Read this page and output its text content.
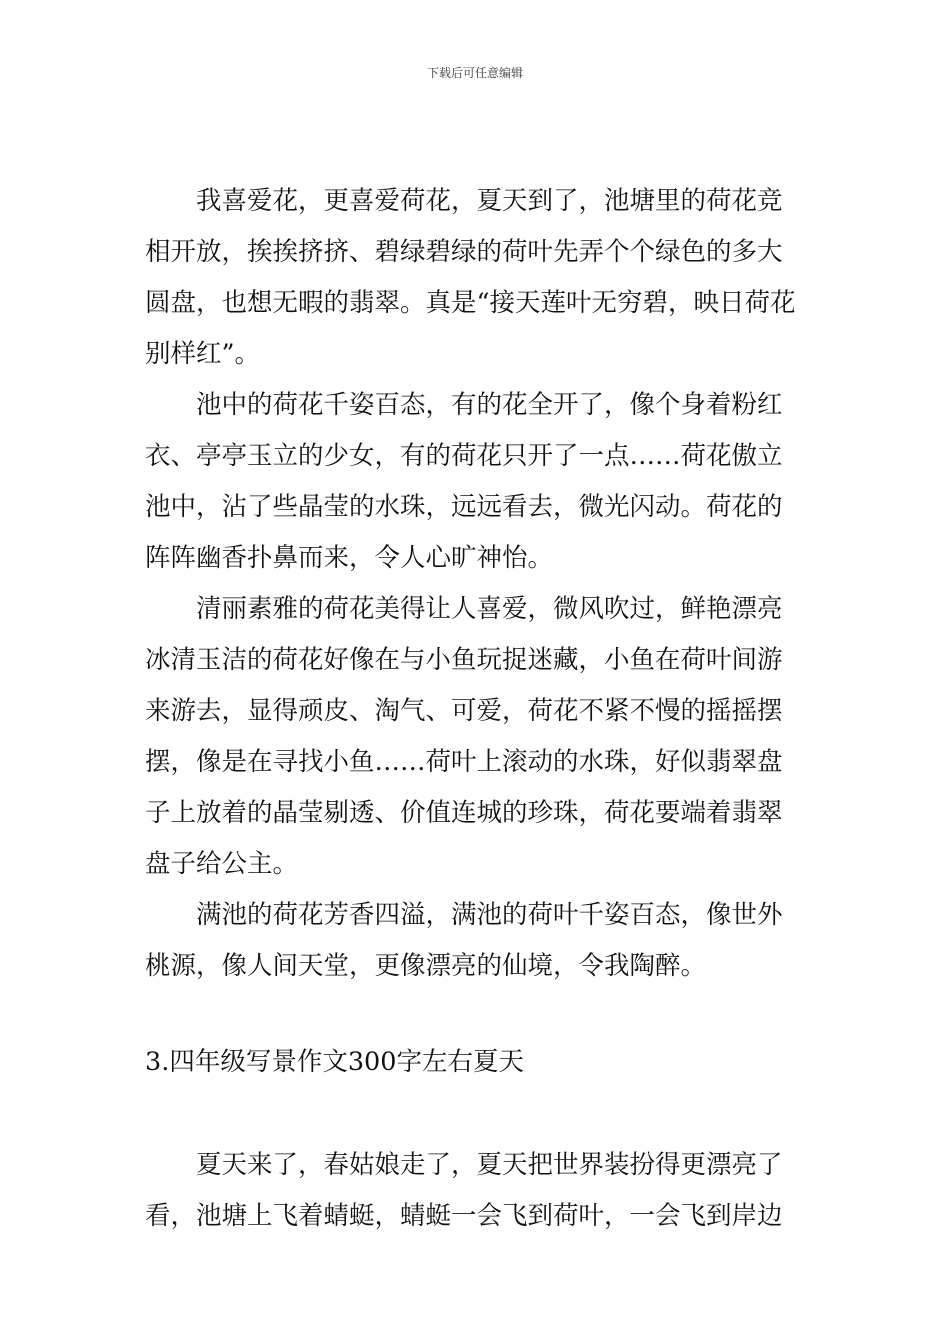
下载后可任意编辑

我喜爱花，更喜爱荷花，夏天到了，池塘里的荷花竞相开放，挨挨挤挤、碧绿碧绿的荷叶先弄个个绿色的多大圆盘，也想无暇的翡翠。真是“接天莲叶无穷碧，映日荷花别样红”。

池中的荷花千姿百态，有的花全开了，像个身着粉红衣、亭亭玉立的少女，有的荷花只开了一点……荷花傲立池中，沾了些晶莹的水珠，远远看去，微光闪动。荷花的阵阵幽香扑鼻而来，令人心旷神怡。

清丽素雅的荷花美得让人喜爱，微风吹过，鲜艳漂亮冰清玉洁的荷花好像在与小鱼玩捉迷藏，小鱼在荷叶间游来游去，显得顽皮、淘气、可爱，荷花不紧不慢的摇摇摆摆，像是在寻找小鱼……荷叶上滚动的水珠，好似翡翠盘子上放着的晶莹剔透、价值连城的珍珠，荷花要端着翡翠盘子给公主。

满池的荷花芳香四溢，满池的荷叶千姿百态，像世外桃源，像人间天堂，更像漂亮的仙境，令我陶醉。

3.四年级写景作文300字左右夏天

夏天来了，春姑娘走了，夏天把世界装扮得更漂亮了看，池塘上飞着蜻蜓，蜻蜓一会飞到荷叶，一会飞到岸边
